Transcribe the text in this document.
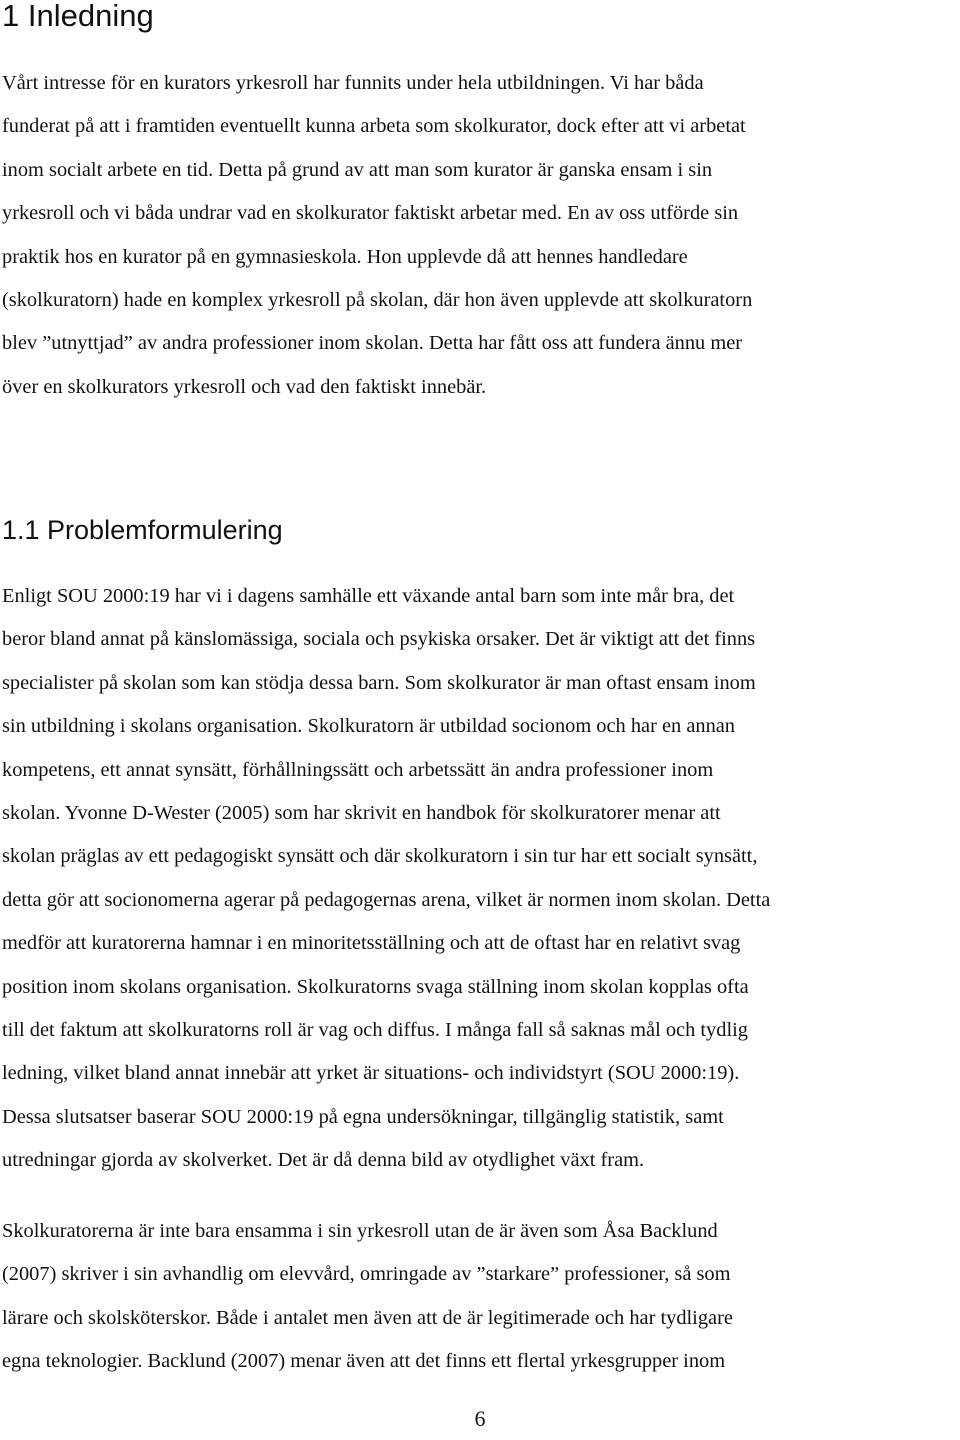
1 Inledning
Vårt intresse för en kurators yrkesroll har funnits under hela utbildningen. Vi har båda
funderat på att i framtiden eventuellt kunna arbeta som skolkurator, dock efter att vi arbetat
inom socialt arbete en tid. Detta på grund av att man som kurator är ganska ensam i sin
yrkesroll och vi båda undrar vad en skolkurator faktiskt arbetar med. En av oss utförde sin
praktik hos en kurator på en gymnasieskola. Hon upplevde då att hennes handledare
(skolkuratorn) hade en komplex yrkesroll på skolan, där hon även upplevde att skolkuratorn
blev ”utnyttjad” av andra professioner inom skolan. Detta har fått oss att fundera ännu mer
över en skolkurators yrkesroll och vad den faktiskt innebär.
1.1 Problemformulering
Enligt SOU 2000:19 har vi i dagens samhälle ett växande antal barn som inte mår bra, det
beror bland annat på känslomässiga, sociala och psykiska orsaker. Det är viktigt att det finns
specialister på skolan som kan stödja dessa barn. Som skolkurator är man oftast ensam inom
sin utbildning i skolans organisation. Skolkuratorn är utbildad socionom och har en annan
kompetens, ett annat synsätt, förhållningssätt och arbetssätt än andra professioner inom
skolan. Yvonne D-Wester (2005) som har skrivit en handbok för skolkuratorer menar att
skolan präglas av ett pedagogiskt synsätt och där skolkuratorn i sin tur har ett socialt synsätt,
detta gör att socionomerna agerar på pedagogernas arena, vilket är normen inom skolan. Detta
medför att kuratorerna hamnar i en minoritetsställning och att de oftast har en relativt svag
position inom skolans organisation. Skolkuratorns svaga ställning inom skolan kopplas ofta
till det faktum att skolkuratorns roll är vag och diffus. I många fall så saknas mål och tydlig
ledning, vilket bland annat innebär att yrket är situations- och individstyrt (SOU 2000:19).
Dessa slutsatser baserar SOU 2000:19 på egna undersökningar, tillgänglig statistik, samt
utredningar gjorda av skolverket. Det är då denna bild av otydlighet växt fram.
Skolkuratorerna är inte bara ensamma i sin yrkesroll utan de är även som Åsa Backlund
(2007) skriver i sin avhandlig om elevvård, omringade av ”starkare” professioner, så som
lärare och skolsköterskor. Både i antalet men även att de är legitimerade och har tydligare
egna teknologier. Backlund (2007) menar även att det finns ett flertal yrkesgrupper inom
6
